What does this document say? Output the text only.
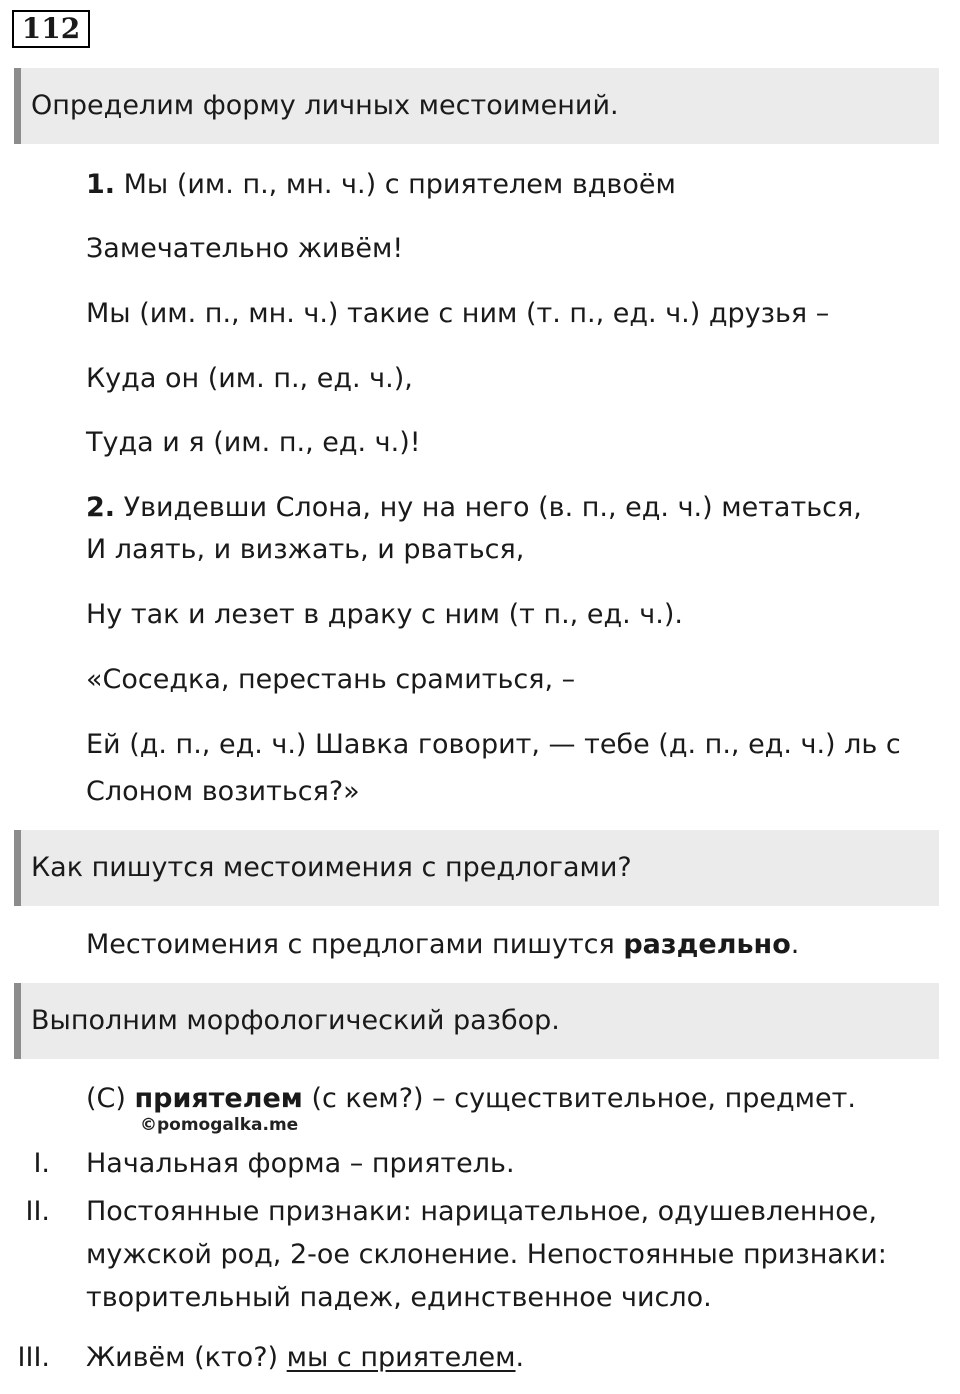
112
Определим форму личных местоимений.
1. Мы (им. п., мн. ч.) с приятелем вдвоём
Замечательно живём!
Мы (им. п., мн. ч.) такие с ним (т. п., ед. ч.) друзья –
Куда он (им. п., ед. ч.),
Туда и я (им. п., ед. ч.)!
2. Увидевши Слона, ну на него (в. п., ед. ч.) метаться,
И лаять, и визжать, и рваться,
Ну так и лезет в драку с ним (т п., ед. ч.).
«Соседка, перестань срамиться, –
Ей (д. п., ед. ч.) Шавка говорит, — тебе (д. п., ед. ч.) ль с
Слоном возиться?»
Как пишутся местоимения с предлогами?
Местоимения с предлогами пишутся раздельно.
Выполним морфологический разбор.
(С) приятелем (с кем?) – существительное, предмет.
©pomogalka.me
I. Начальная форма – приятель.
II. Постоянные признаки: нарицательное, одушевленное, мужской род, 2-ое склонение. Непостоянные признаки: творительный падеж, единственное число.
III. Живём (кто?) мы с приятелем.
